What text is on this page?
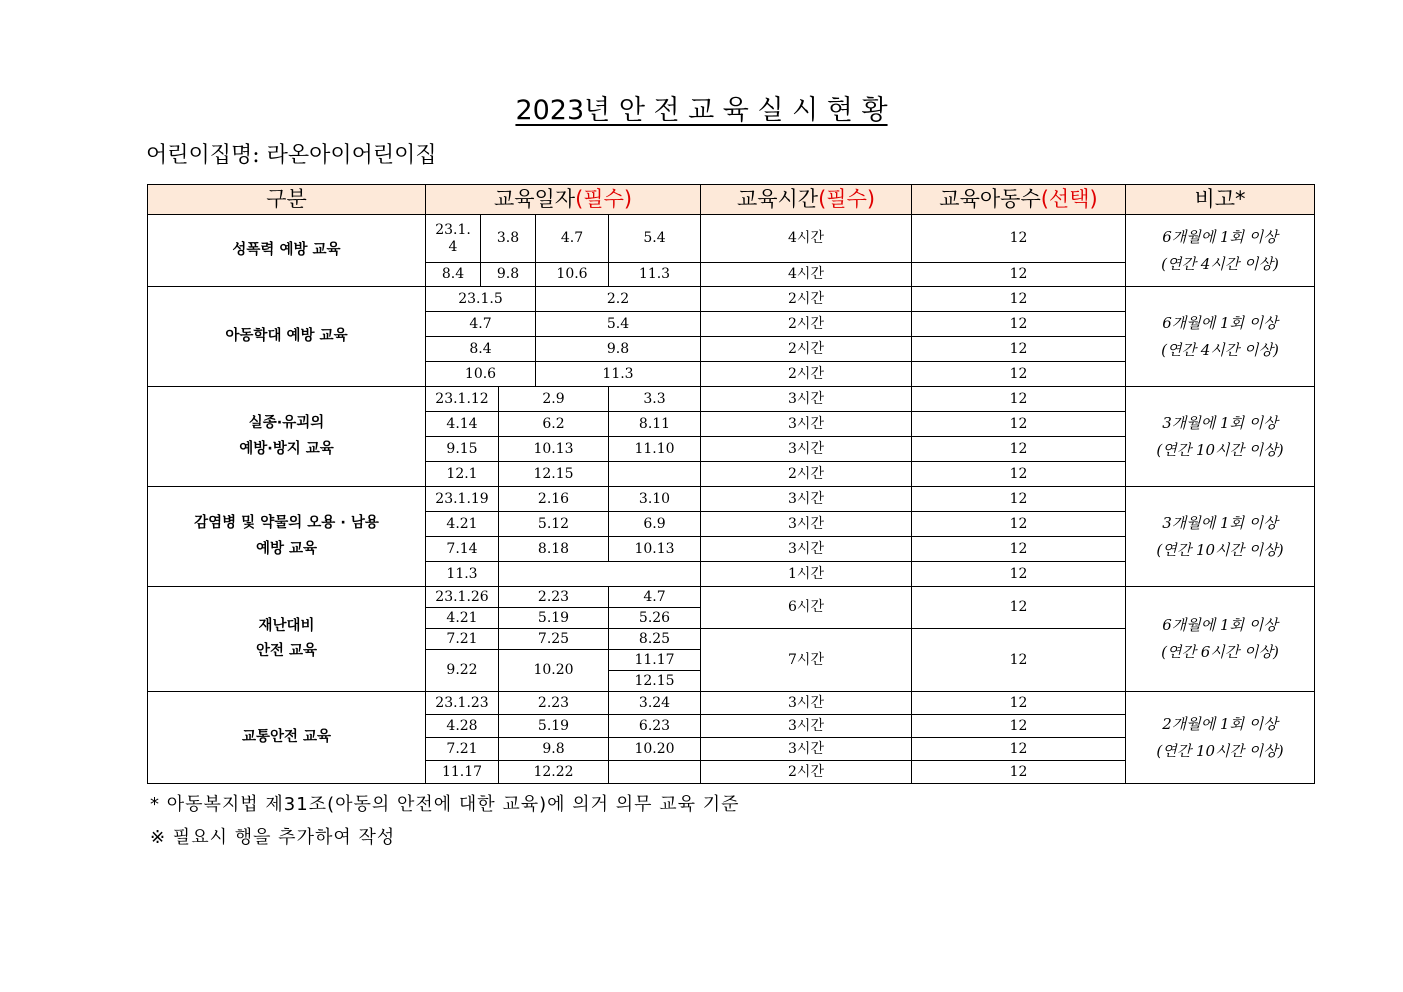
2023년 안 전 교 육 실 시 현 황
어린이집명: 라온아이어린이집
구분	교육일자(필수)					교육시간(필수)	교육아동수(선택)	비고*
성폭력 예방 교육	23.1.4	3.8		4.7	5.4	4시간	12	6개월에 1회 이상
(연간 4시간 이상)
	8.4	9.8		10.6	11.3	4시간	12	
아동학대 예방 교육	23.1.5			2.2		2시간	12	6개월에 1회 이상
(연간 4시간 이상)
	4.7			5.4		2시간	12	
	8.4			9.8		2시간	12	
	10.6			11.3		2시간	12	
실종·유괴의
예방·방지 교육	23.1.12		2.9		3.3	3시간	12	3개월에 1회 이상
(연간 10시간 이상)
	4.14		6.2		8.11	3시간	12	
	9.15		10.13		11.10	3시간	12	
	12.1		12.15			2시간	12	
감염병 및 약물의 오용 · 남용
예방 교육	23.1.19		2.16		3.10	3시간	12	3개월에 1회 이상
(연간 10시간 이상)
	4.21		5.12		6.9	3시간	12	
	7.14		8.18		10.13	3시간	12	
	11.3					1시간	12	
재난대비
안전 교육	23.1.26		2.23		4.7	6시간	12	6개월에 1회 이상
(연간 6시간 이상)
	4.21		5.19		5.26			
	7.21		7.25		8.25	7시간	12	
	9.22		10.20		11.17			
					12.15			
교통안전 교육	23.1.23		2.23		3.24	3시간	12	2개월에 1회 이상
(연간 10시간 이상)
	4.28		5.19		6.23	3시간	12	
	7.21		9.8		10.20	3시간	12	
	11.17		12.22			2시간	12	
* 아동복지법 제31조(아동의 안전에 대한 교육)에 의거 의무 교육 기준
※ 필요시 행을 추가하여 작성
